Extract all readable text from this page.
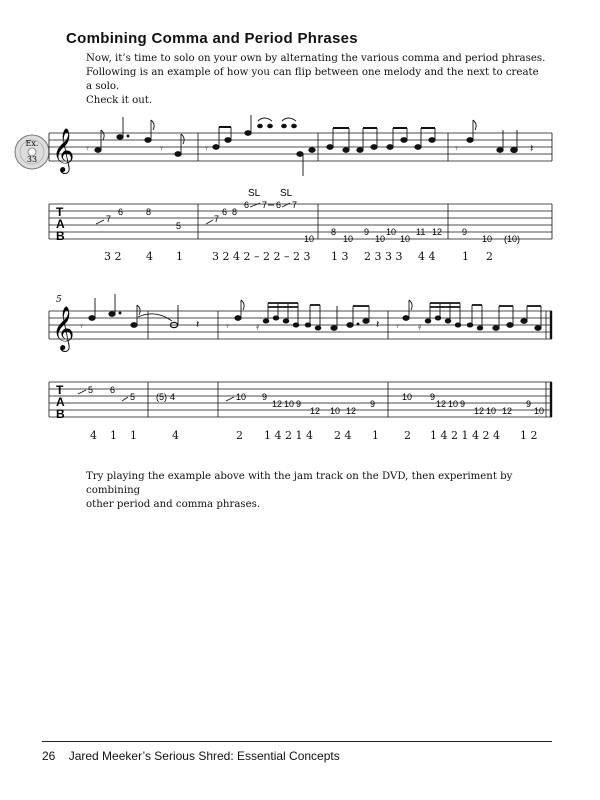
Combining Comma and Period Phrases

Now, it’s time to solo on your own by alternating the various comma and period phrases.

Following is an example of how you can flip between one melody and the next to create a solo.

Check it out.

Ex.
33 𝄞 𝄾	𝄾	𝄾	𝄾	𝄽
T
A
B
7
6	8
5
7
6 8
6 7 6 7
10
8
10
9
10
10
10
11 12 9
10 (10)
SL SL
5
𝄞 𝄾	𝄽 𝄾 𝄿	𝄽 𝄾 𝄿
T
A
B
5 6
5 (5) 4	10 9
12 10 9
12 10 12
9
10 9
12 10 9
12 10 12
9
10
3 2 4 1	3 2 4 2 – 2 2 – 2 3 1 3 2 3 3 3 4 4 1 2
4 1 1	4	2 1 4 2 1 4 2 4 1 2 1 4 2 1 4 2 4 1 2

Try playing the example above with the jam track on the DVD, then experiment by combining

other period and comma phrases.

26 Jared Meeker’s Serious Shred: Essential Concepts
